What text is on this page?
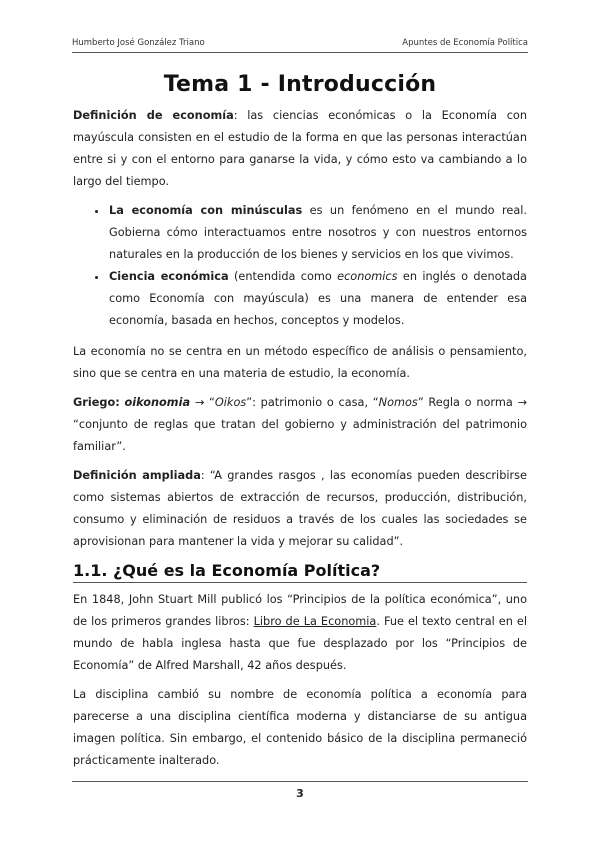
Humberto José González Triano	Apuntes de Economía Política
Tema 1 - Introducción

Definición de economía: las ciencias económicas o la Economía con mayúscula consisten en el estudio de la forma en que las personas interactúan entre si y con el entorno para ganarse la vida, y cómo esto va cambiando a lo largo del tiempo.

• La economía con minúsculas es un fenómeno en el mundo real. Gobierna cómo interactuamos entre nosotros y con nuestros entornos naturales en la producción de los bienes y servicios en los que vivimos.
• Ciencia económica (entendida como economics en inglés o denotada como Economía con mayúscula) es una manera de entender esa economía, basada en hechos, conceptos y modelos.

La economía no se centra en un método específico de análisis o pensamiento, sino que se centra en una materia de estudio, la economía.

Griego: oikonomia → “Oikos”: patrimonio o casa, “Nomos” Regla o norma → “conjunto de reglas que tratan del gobierno y administración del patrimonio familiar”.

Definición ampliada: “A grandes rasgos , las economías pueden describirse como sistemas abiertos de extracción de recursos, producción, distribución, consumo y eliminación de residuos a través de los cuales las sociedades se aprovisionan para mantener la vida y mejorar su calidad”.

1.1. ¿Qué es la Economía Política?

En 1848, John Stuart Mill publicó los “Principios de la política económica”, uno de los primeros grandes libros: Libro de La Economia. Fue el texto central en el mundo de habla inglesa hasta que fue desplazado por los “Principios de Economía” de Alfred Marshall, 42 años después.

La disciplina cambió su nombre de economía política a economía para parecerse a una disciplina científica moderna y distanciarse de su antigua imagen política. Sin embargo, el contenido básico de la disciplina permaneció prácticamente inalterado.

3
